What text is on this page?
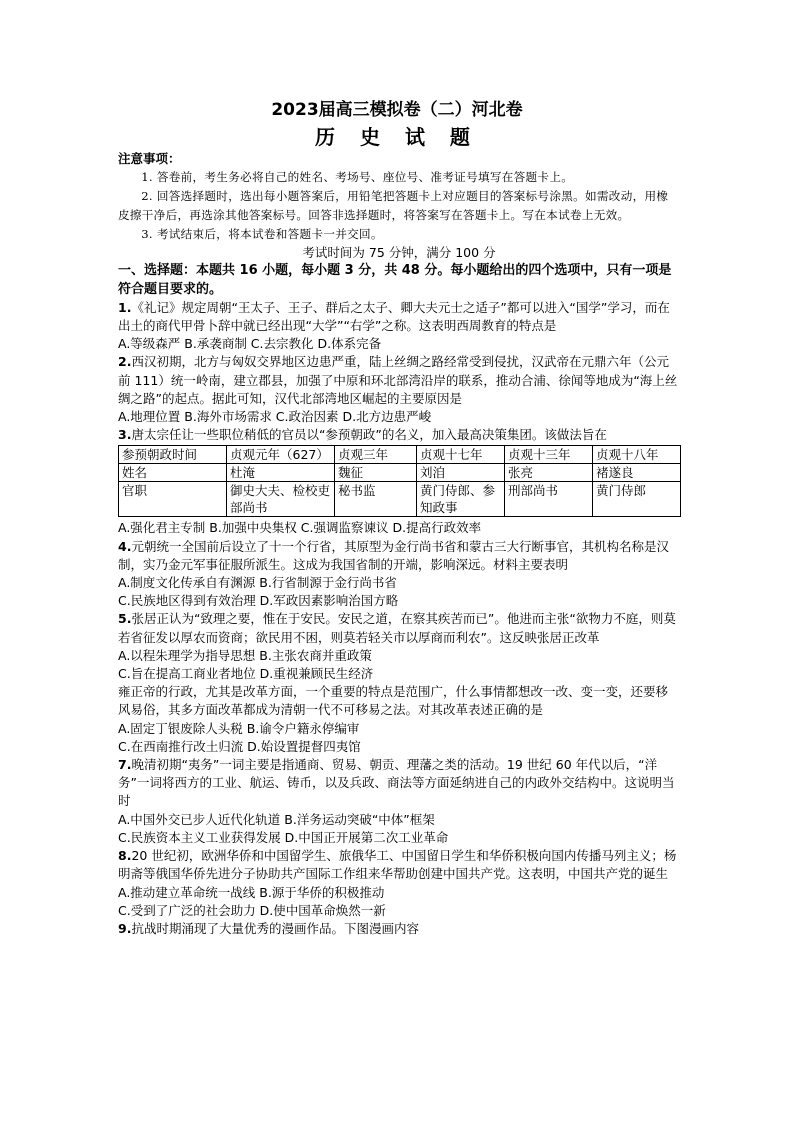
2023届高三模拟卷（二）河北卷
历 史 试 题

注意事项：

1. 答卷前，考生务必将自己的姓名、考场号、座位号、准考证号填写在答题卡上。

2. 回答选择题时，选出每小题答案后，用铅笔把答题卡上对应题目的答案标号涂黑。如需改动，用橡皮擦干净后，再选涂其他答案标号。回答非选择题时，将答案写在答题卡上。写在本试卷上无效。

3. 考试结束后，将本试卷和答题卡一并交回。

考试时间为 75 分钟，满分 100 分

一、选择题：本题共 16 小题，每小题 3 分，共 48 分。每小题给出的四个选项中，只有一项是符合题目要求的。

1.《礼记》规定周朝“王太子、王子、群后之太子、卿大夫元士之适子”都可以进入“国学”学习，而在出土的商代甲骨卜辞中就已经出现“大学”“右学”之称。这表明西周教育的特点是

A.等级森严 B.承袭商制 C.去宗教化 D.体系完备

2.西汉初期，北方与匈奴交界地区边患严重，陆上丝绸之路经常受到侵扰，汉武帝在元鼎六年（公元前 111）统一岭南，建立郡县，加强了中原和环北部湾沿岸的联系，推动合浦、徐闻等地成为“海上丝绸之路”的起点。据此可知，汉代北部湾地区崛起的主要原因是

A.地理位置 B.海外市场需求 C.政治因素 D.北方边患严峻

3.唐太宗任让一些职位稍低的官员以“参预朝政”的名义，加入最高决策集团。该做法旨在

参预朝政时间	贞观元年（627）	贞观三年	贞观十七年	贞观十三年	贞观十八年
姓名	杜淹	魏征	刘洎	张亮	褚遂良
官职	御史大夫、检校吏部尚书	秘书监	黄门侍郎、参知政事	刑部尚书	黄门侍郎

A.强化君主专制 B.加强中央集权 C.强调监察谏议 D.提高行政效率

4.元朝统一全国前后设立了十一个行省，其原型为金行尚书省和蒙古三大行断事官，其机构名称是汉制，实乃金元军事征服所派生。这成为我国省制的开端，影响深远。材料主要表明

A.制度文化传承自有渊源 B.行省制源于金行尚书省

C.民族地区得到有效治理 D.军政因素影响治国方略

5.张居正认为“致理之要，惟在于安民。安民之道，在察其疾苦而已”。他进而主张“欲物力不庭，则莫若省征发以厚农而资商；欲民用不困，则莫若轻关市以厚商而利农”。这反映张居正改革

A.以程朱理学为指导思想 B.主张农商并重政策

C.旨在提高工商业者地位 D.重视兼顾民生经济

雍正帝的行政，尤其是改革方面，一个重要的特点是范围广，什么事情都想改一改、变一变，还要移风易俗，其多方面改革都成为清朝一代不可移易之法。对其改革表述正确的是

A.固定丁银废除人头税 B.谕令户籍永停编审

C.在西南推行改土归流 D.始设置提督四夷馆

7.晚清初期“夷务”一词主要是指通商、贸易、朝贡、理藩之类的活动。19 世纪 60 年代以后，“洋务”一词将西方的工业、航运、铸币，以及兵政、商法等方面延纳进自己的内政外交结构中。这说明当时

A.中国外交已步人近代化轨道 B.洋务运动突破“中体”框架

C.民族资本主义工业获得发展 D.中国正开展第二次工业革命

8.20 世纪初，欧洲华侨和中国留学生、旅俄华工、中国留日学生和华侨积极向国内传播马列主义；杨明斋等俄国华侨先进分子协助共产国际工作组来华帮助创建中国共产党。这表明，中国共产党的诞生

A.推动建立革命统一战线 B.源于华侨的积极推动

C.受到了广泛的社会助力 D.使中国革命焕然一新

9.抗战时期涌现了大量优秀的漫画作品。下图漫画内容
